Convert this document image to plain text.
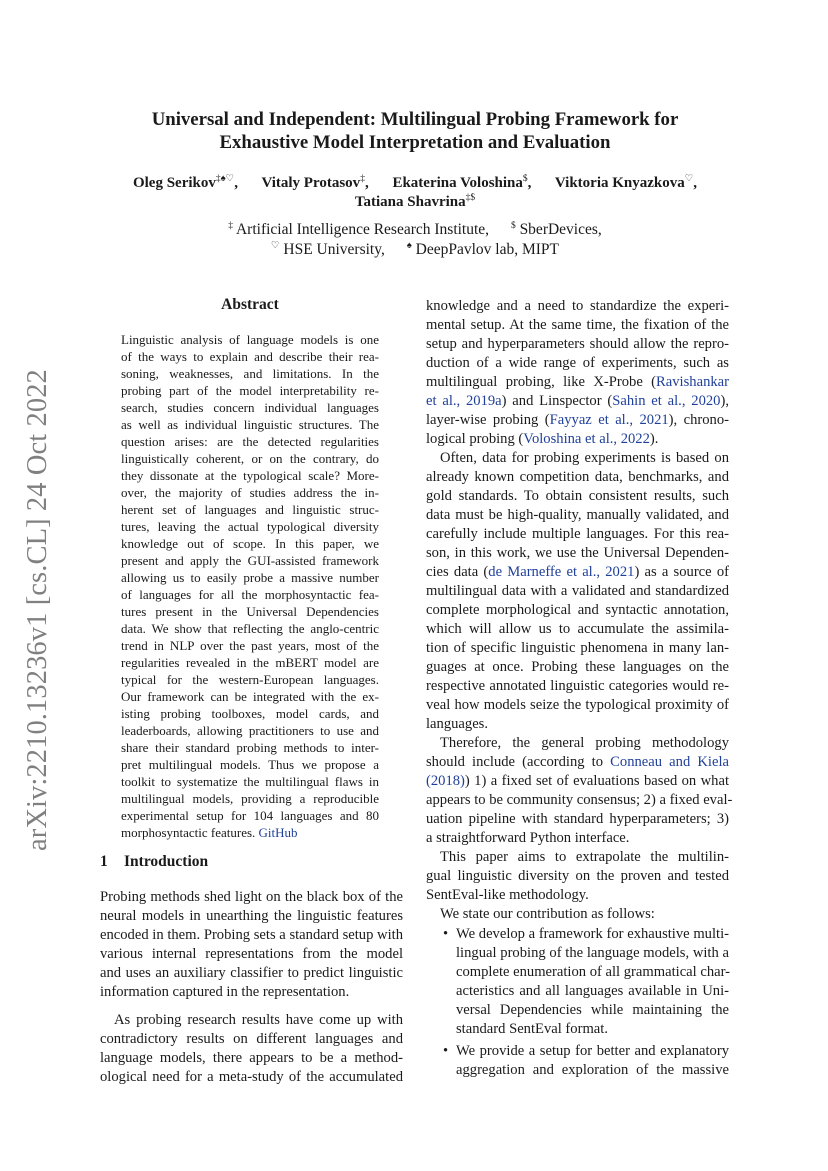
arXiv:2210.13236v1 [cs.CL] 24 Oct 2022
Universal and Independent: Multilingual Probing Framework for
Exhaustive Model Interpretation and Evaluation
Oleg Serikov‡♠♡, Vitaly Protasov‡, Ekaterina Voloshina$, Viktoria Knyazkova♡,
Tatiana Shavrina‡$
‡ Artificial Intelligence Research Institute, $ SberDevices,
♡ HSE University, ♠ DeepPavlov lab, MIPT
Abstract
Linguistic analysis of language models is one
of the ways to explain and describe their rea-
soning, weaknesses, and limitations. In the
probing part of the model interpretability re-
search, studies concern individual languages
as well as individual linguistic structures. The
question arises: are the detected regularities
linguistically coherent, or on the contrary, do
they dissonate at the typological scale? More-
over, the majority of studies address the in-
herent set of languages and linguistic struc-
tures, leaving the actual typological diversity
knowledge out of scope. In this paper, we
present and apply the GUI-assisted framework
allowing us to easily probe a massive number
of languages for all the morphosyntactic fea-
tures present in the Universal Dependencies
data. We show that reflecting the anglo-centric
trend in NLP over the past years, most of the
regularities revealed in the mBERT model are
typical for the western-European languages.
Our framework can be integrated with the ex-
isting probing toolboxes, model cards, and
leaderboards, allowing practitioners to use and
share their standard probing methods to inter-
pret multilingual models. Thus we propose a
toolkit to systematize the multilingual flaws in
multilingual models, providing a reproducible
experimental setup for 104 languages and 80
morphosyntactic features. GitHub
1 Introduction
Probing methods shed light on the black box of the
neural models in unearthing the linguistic features
encoded in them. Probing sets a standard setup with
various internal representations from the model
and uses an auxiliary classifier to predict linguistic
information captured in the representation.
As probing research results have come up with
contradictory results on different languages and
language models, there appears to be a method-
ological need for a meta-study of the accumulated
knowledge and a need to standardize the experi-
mental setup. At the same time, the fixation of the
setup and hyperparameters should allow the repro-
duction of a wide range of experiments, such as
multilingual probing, like X-Probe (Ravishankar
et al., 2019a) and Linspector (Sahin et al., 2020),
layer-wise probing (Fayyaz et al., 2021), chrono-
logical probing (Voloshina et al., 2022).
Often, data for probing experiments is based on
already known competition data, benchmarks, and
gold standards. To obtain consistent results, such
data must be high-quality, manually validated, and
carefully include multiple languages. For this rea-
son, in this work, we use the Universal Dependen-
cies data (de Marneffe et al., 2021) as a source of
multilingual data with a validated and standardized
complete morphological and syntactic annotation,
which will allow us to accumulate the assimila-
tion of specific linguistic phenomena in many lan-
guages at once. Probing these languages on the
respective annotated linguistic categories would re-
veal how models seize the typological proximity of
languages.
Therefore, the general probing methodology
should include (according to Conneau and Kiela
(2018)) 1) a fixed set of evaluations based on what
appears to be community consensus; 2) a fixed eval-
uation pipeline with standard hyperparameters; 3)
a straightforward Python interface.
This paper aims to extrapolate the multilin-
gual linguistic diversity on the proven and tested
SentEval-like methodology.
We state our contribution as follows:
• We develop a framework for exhaustive multi-
lingual probing of the language models, with a
complete enumeration of all grammatical char-
acteristics and all languages available in Uni-
versal Dependencies while maintaining the
standard SentEval format.
• We provide a setup for better and explanatory
aggregation and exploration of the massive
